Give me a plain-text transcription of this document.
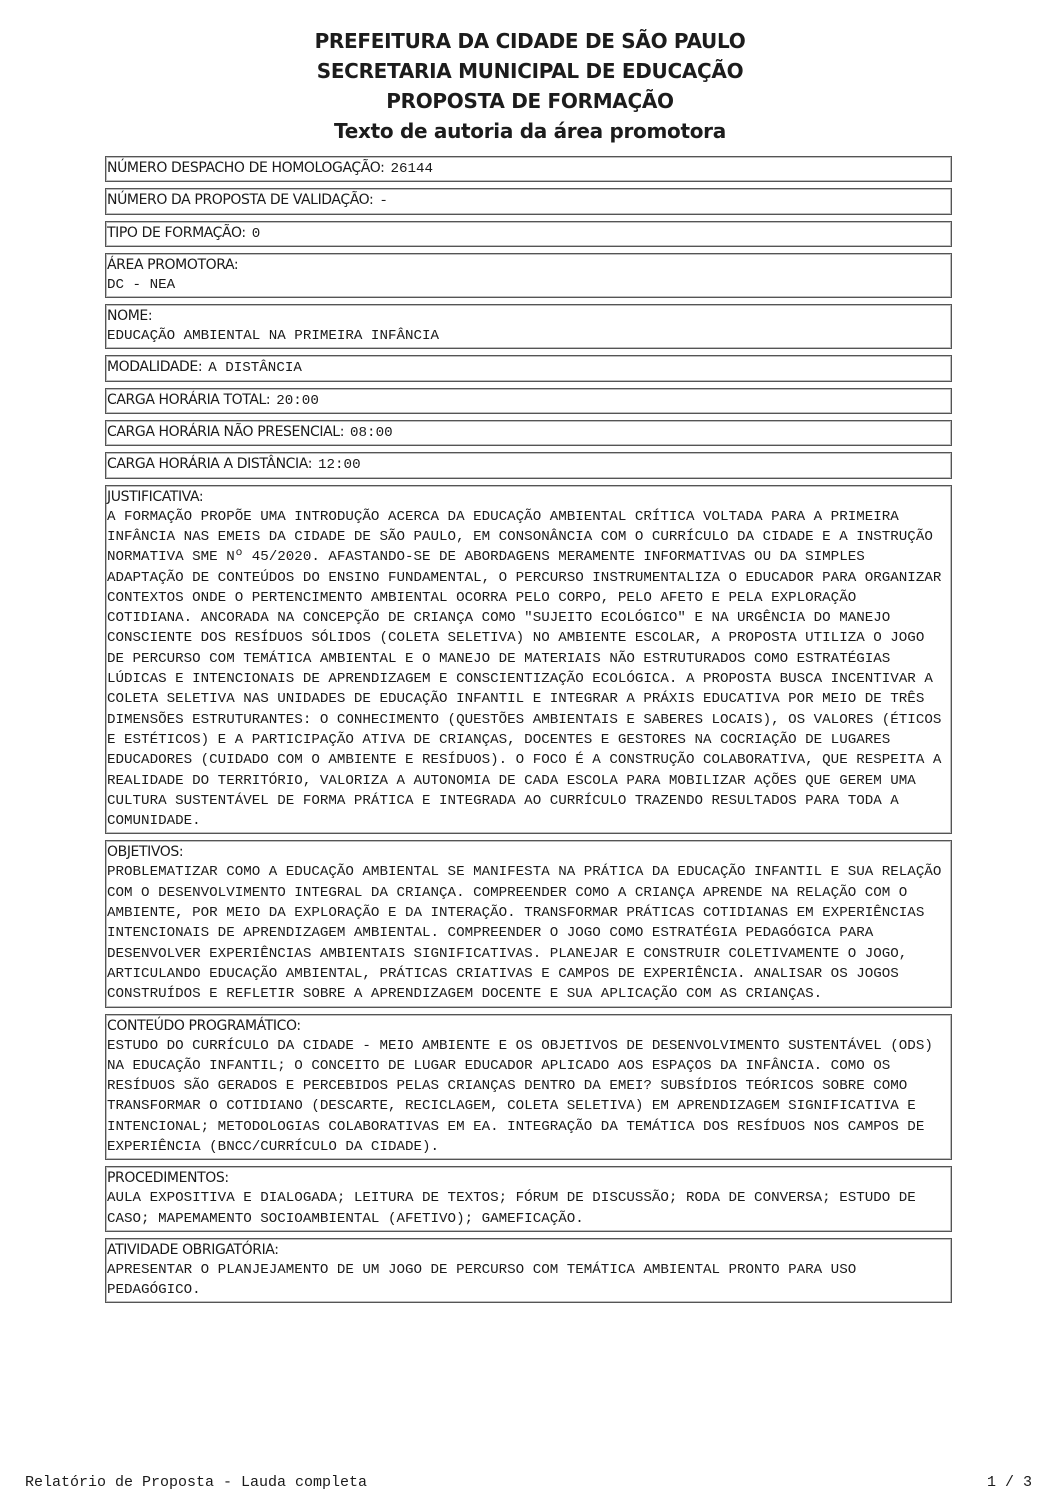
PREFEITURA DA CIDADE DE SÃO PAULO
SECRETARIA MUNICIPAL DE EDUCAÇÃO
PROPOSTA DE FORMAÇÃO
Texto de autoria da área promotora
NÚMERO DESPACHO DE HOMOLOGAÇÃO: 26144
NÚMERO DA PROPOSTA DE VALIDAÇÃO: -
TIPO DE FORMAÇÃO: 0
ÁREA PROMOTORA:
DC - NEA
NOME:
EDUCAÇÃO AMBIENTAL NA PRIMEIRA INFÂNCIA
MODALIDADE: A DISTÂNCIA
CARGA HORÁRIA TOTAL: 20:00
CARGA HORÁRIA NÃO PRESENCIAL: 08:00
CARGA HORÁRIA A DISTÂNCIA: 12:00
JUSTIFICATIVA:
A FORMAÇÃO PROPÕE UMA INTRODUÇÃO ACERCA DA EDUCAÇÃO AMBIENTAL CRÍTICA VOLTADA PARA A PRIMEIRA INFÂNCIA NAS EMEIS DA CIDADE DE SÃO PAULO, EM CONSONÂNCIA COM O CURRÍCULO DA CIDADE E A INSTRUÇÃO NORMATIVA SME Nº 45/2020. AFASTANDO-SE DE ABORDAGENS MERAMENTE INFORMATIVAS OU DA SIMPLES ADAPTAÇÃO DE CONTEÚDOS DO ENSINO FUNDAMENTAL, O PERCURSO INSTRUMENTALIZA O EDUCADOR PARA ORGANIZAR CONTEXTOS ONDE O PERTENCIMENTO AMBIENTAL OCORRA PELO CORPO, PELO AFETO E PELA EXPLORAÇÃO COTIDIANA. ANCORADA NA CONCEPÇÃO DE CRIANÇA COMO "SUJEITO ECOLÓGICO" E NA URGÊNCIA DO MANEJO CONSCIENTE DOS RESÍDUOS SÓLIDOS (COLETA SELETIVA) NO AMBIENTE ESCOLAR, A PROPOSTA UTILIZA O JOGO DE PERCURSO COM TEMÁTICA AMBIENTAL E O MANEJO DE MATERIAIS NÃO ESTRUTURADOS COMO ESTRATÉGIAS LÚDICAS E INTENCIONAIS DE APRENDIZAGEM E CONSCIENTIZAÇÃO ECOLÓGICA. A PROPOSTA BUSCA INCENTIVAR A COLETA SELETIVA NAS UNIDADES DE EDUCAÇÃO INFANTIL E INTEGRAR A PRÁXIS EDUCATIVA POR MEIO DE TRÊS DIMENSÕES ESTRUTURANTES: O CONHECIMENTO (QUESTÕES AMBIENTAIS E SABERES LOCAIS), OS VALORES (ÉTICOS E ESTÉTICOS) E A PARTICIPAÇÃO ATIVA DE CRIANÇAS, DOCENTES E GESTORES NA COCRIAÇÃO DE LUGARES EDUCADORES (CUIDADO COM O AMBIENTE E RESÍDUOS). O FOCO É A CONSTRUÇÃO COLABORATIVA, QUE RESPEITA A REALIDADE DO TERRITÓRIO, VALORIZA A AUTONOMIA DE CADA ESCOLA PARA MOBILIZAR AÇÕES QUE GEREM UMA CULTURA SUSTENTÁVEL DE FORMA PRÁTICA E INTEGRADA AO CURRÍCULO TRAZENDO RESULTADOS PARA TODA A COMUNIDADE.
OBJETIVOS:
PROBLEMATIZAR COMO A EDUCAÇÃO AMBIENTAL SE MANIFESTA NA PRÁTICA DA EDUCAÇÃO INFANTIL E SUA RELAÇÃO COM O DESENVOLVIMENTO INTEGRAL DA CRIANÇA. COMPREENDER COMO A CRIANÇA APRENDE NA RELAÇÃO COM O AMBIENTE, POR MEIO DA EXPLORAÇÃO E DA INTERAÇÃO. TRANSFORMAR PRÁTICAS COTIDIANAS EM EXPERIÊNCIAS INTENCIONAIS DE APRENDIZAGEM AMBIENTAL. COMPREENDER O JOGO COMO ESTRATÉGIA PEDAGÓGICA PARA DESENVOLVER EXPERIÊNCIAS AMBIENTAIS SIGNIFICATIVAS. PLANEJAR E CONSTRUIR COLETIVAMENTE O JOGO, ARTICULANDO EDUCAÇÃO AMBIENTAL, PRÁTICAS CRIATIVAS E CAMPOS DE EXPERIÊNCIA. ANALISAR OS JOGOS CONSTRUÍDOS E REFLETIR SOBRE A APRENDIZAGEM DOCENTE E SUA APLICAÇÃO COM AS CRIANÇAS.
CONTEÚDO PROGRAMÁTICO:
ESTUDO DO CURRÍCULO DA CIDADE - MEIO AMBIENTE E OS OBJETIVOS DE DESENVOLVIMENTO SUSTENTÁVEL (ODS) NA EDUCAÇÃO INFANTIL; O CONCEITO DE LUGAR EDUCADOR APLICADO AOS ESPAÇOS DA INFÂNCIA. COMO OS RESÍDUOS SÃO GERADOS E PERCEBIDOS PELAS CRIANÇAS DENTRO DA EMEI? SUBSÍDIOS TEÓRICOS SOBRE COMO TRANSFORMAR O COTIDIANO (DESCARTE, RECICLAGEM, COLETA SELETIVA) EM APRENDIZAGEM SIGNIFICATIVA E INTENCIONAL; METODOLOGIAS COLABORATIVAS EM EA. INTEGRAÇÃO DA TEMÁTICA DOS RESÍDUOS NOS CAMPOS DE EXPERIÊNCIA (BNCC/CURRÍCULO DA CIDADE).
PROCEDIMENTOS:
AULA EXPOSITIVA E DIALOGADA; LEITURA DE TEXTOS; FÓRUM DE DISCUSSÃO; RODA DE CONVERSA; ESTUDO DE CASO; MAPEMAMENTO SOCIOAMBIENTAL (AFETIVO); GAMEFICAÇÃO.
ATIVIDADE OBRIGATÓRIA:
APRESENTAR O PLANJEJAMENTO DE UM JOGO DE PERCURSO COM TEMÁTICA AMBIENTAL PRONTO PARA USO PEDAGÓGICO.
Relatório de Proposta - Lauda completa	1 / 3
